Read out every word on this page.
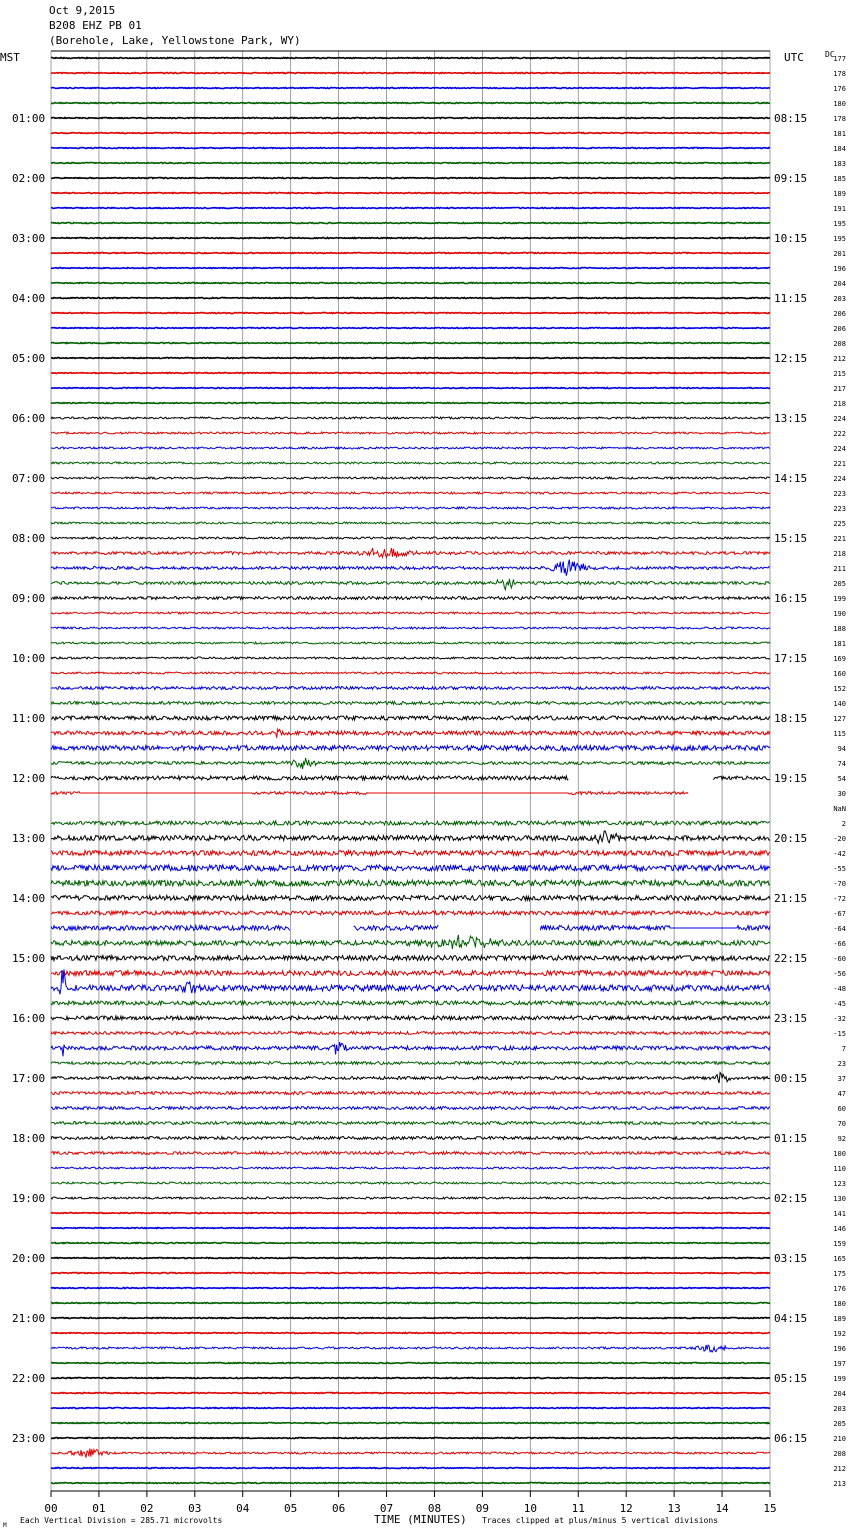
Oct 9,2015
B208 EHZ PB 01
(Borehole, Lake, Yellowstone Park, WY)
MST	UTC	DC
01:00
02:00
03:00
04:00
05:00
06:00
07:00
08:00
09:00
10:00
11:00
12:00
13:00
14:00
15:00
16:00
17:00
18:00
19:00
20:00
21:00
22:00
23:00
08:15
09:15
10:15
11:15
12:15
13:15
14:15
15:15
16:15
17:15
18:15
19:15
20:15
21:15
22:15
23:15
00:15
01:15
02:15
03:15
04:15
05:15
06:15
177
178
176
180
178
181
184
183
185
189
191
195
195
201
196
204
203
206
206
208
212
215
217
218
224
222
224
221
224
223
223
225
221
218
211
205
199
190
188
181
169
160
152
140
127
115
94
74
54
30
NaN
2
-20
-42
-55
-70
-72
-67
-64
-66
-60
-56
-48
-45
-32
-15
7
23
37
47
60
70
92
100
110
123
130
141
146
159
165
175
176
180
189
192
196
197
199
204
203
205
210
208
212
213
00	01	02	03	04	05	06	07	08	09	10	11	12	13	14	15
M
Each Vertical Division = 285.71 microvolts	TIME (MINUTES) Traces clipped at plus/minus 5 vertical divisions
